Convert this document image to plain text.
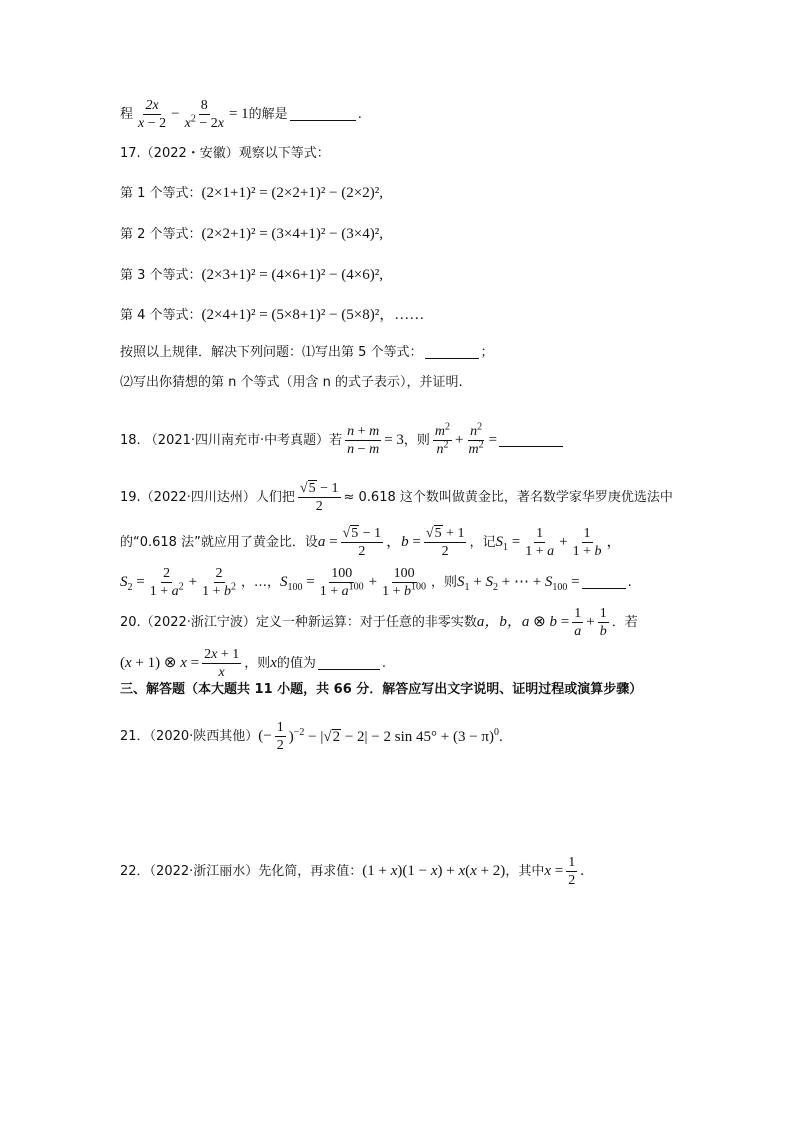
程 $\frac{2x}{x - 2} - \frac{8}{x^2 - 2x} = 1$ 的解是	.
17.（2022・安徽）观察以下等式：
第 1 个等式： (2×1+1)² = (2×2+1)² − (2×2)²,
第 2 个等式： (2×2+1)² = (3×4+1)² − (3×4)²,
第 3 个等式： (2×3+1)² = (4×6+1)² − (4×6)²,
第 4 个等式： (2×4+1)² = (5×8+1)² − (5×8)²，……
按照以上规律．解决下列问题：⑴写出第 5 个等式：	；
⑵写出你猜想的第 n 个等式（用含 n 的式子表示），并证明.
18. （2021·四川南充市·中考真题）若 $\frac{n + m}{n - m} = 3$ ，则 $\frac{m^2}{n^2} + \frac{n^2}{m^2}$ =
19.（2022·四川达州）人们把 $\frac{√5 - 1}{2} \approx 0.618$ 这个数叫做黄金比，著名数学家华罗庚优选法中
的“0.618 法”就应用了黄金比．设 $a = \frac{√5 - 1}{2}$ ，$b = \frac{√5 + 1}{2}$ ，记 $S_1 = \frac{1}{1 + a} + \frac{1}{1 + b}$ ，
$S_2 = \frac{2}{1 + a^2} + \frac{2}{1 + b^2}$ ，…， $S_{100} = \frac{100}{1 + a^{100}} + \frac{100}{1 + b^{100}}$ ，则 $S_1 + S_2$ + ⋯ + $S_{100}$ =	.
20.（2022·浙江宁波）定义一种新运算：对于任意的非零实数 a，b， a ⊗ $b = \frac{1}{a} + \frac{1}{b}$ ．若
(x + 1) ⊗ $x = \frac{2x + 1}{x}$ ，则 x 的值为	.
三、解答题（本大题共 11 小题，共 66 分．解答应写出文字说明、证明过程或演算步骤）
21．（2020·陕西其他） (− $\frac{1}{2} )^{-2} - |√2 - 2| - 2$ $\sin 45^\circ + (3 - \pi)^0$.
22．（2022·浙江丽水）先化简，再求值： (1 + x)(1 − x) + x(x + 2) ，其中 $x = \frac{1}{2}$ .
